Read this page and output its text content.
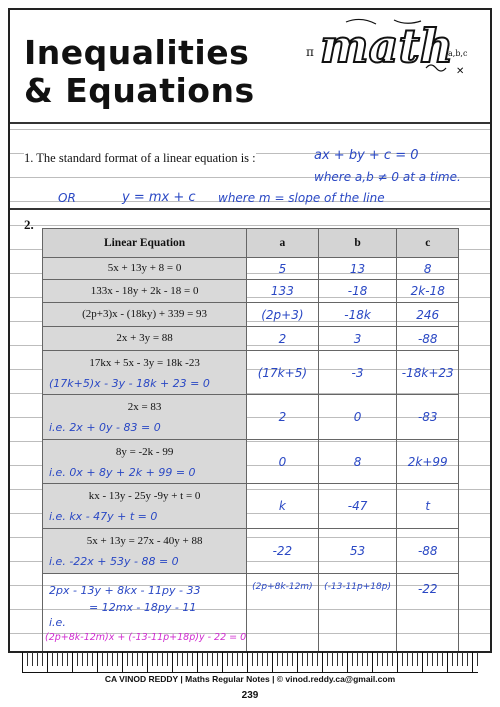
Inequalities
& Equations
π math
a,b,c
✕
1. The standard format of a linear equation is :	ax + by + c = 0
where a,b ≠ 0 at a time.
OR	y = mx + c where m = slope of the line
2.
Linear Equation	a	b	c

5x + 13y + 8 = 0	5	13	8

133x - 18y + 2k - 18 = 0	133	-18	2k-18

(2p+3)x - (18ky) + 339 = 93	(2p+3)	-18k	246

2x + 3y = 88	2	3	-88

17kx + 5x - 3y = 18k -23
(17k+5)x - 3y - 18k + 23 = 0	(17k+5)	-3	-18k+23

2x = 83
i.e. 2x + 0y - 83 = 0	2	0	-83

8y = -2k - 99
i.e. 0x + 8y + 2k + 99 = 0	0	8	2k+99

kx - 13y - 25y -9y + t = 0
i.e. kx - 47y + t = 0	k	-47	t

5x + 13y = 27x - 40y + 88
i.e. -22x + 53y - 88 = 0	-22	53	-88

2px - 13y + 8kx - 11py - 33
= 12mx - 18py - 11
i.e.
(2p+8k-12m)x + (-13-11p+18p)y - 22 = 0	(2p+8k-12m)	(-13-11p+18p)	-22
CA VINOD REDDY | Maths Regular Notes | © vinod.reddy.ca@gmail.com
239
